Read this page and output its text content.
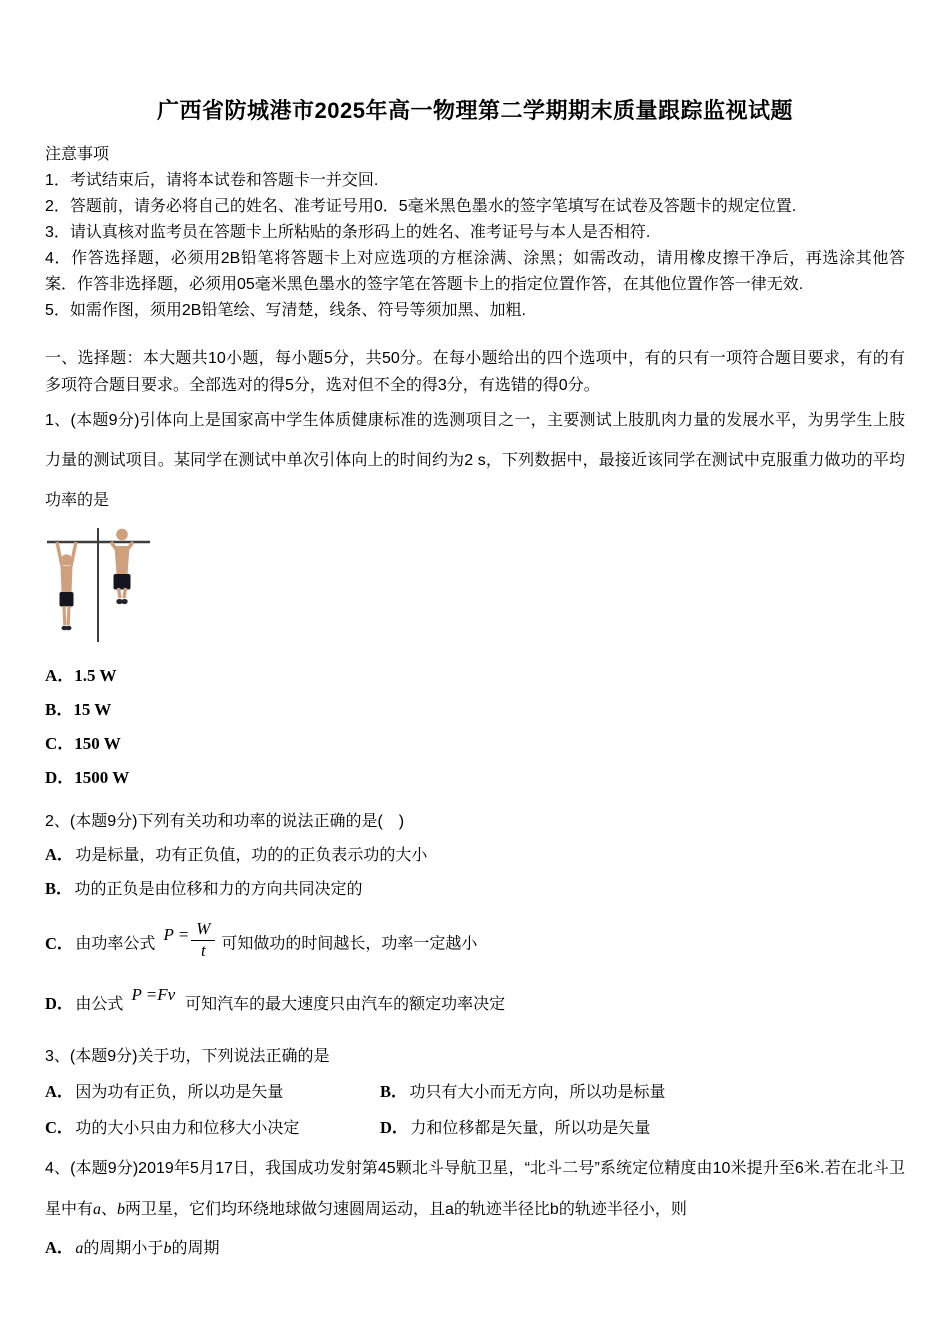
广西省防城港市2025年高一物理第二学期期末质量跟踪监视试题

注意事项

1．考试结束后，请将本试卷和答题卡一并交回.

2．答题前，请务必将自己的姓名、准考证号用0．5毫米黑色墨水的签字笔填写在试卷及答题卡的规定位置.

3．请认真核对监考员在答题卡上所粘贴的条形码上的姓名、准考证号与本人是否相符.

4．作答选择题，必须用2B铅笔将答题卡上对应选项的方框涂满、涂黑；如需改动，请用橡皮擦干净后，再选涂其他答案．作答非选择题，必须用05毫米黑色墨水的签字笔在答题卡上的指定位置作答，在其他位置作答一律无效.

5．如需作图，须用2B铅笔绘、写清楚，线条、符号等须加黑、加粗.

一、选择题：本大题共10小题，每小题5分，共50分。在每小题给出的四个选项中，有的只有一项符合题目要求，有的有多项符合题目要求。全部选对的得5分，选对但不全的得3分，有选错的得0分。

1、(本题9分)引体向上是国家高中学生体质健康标准的选测项目之一，主要测试上肢肌肉力量的发展水平，为男学生上肢力量的测试项目。某同学在测试中单次引体向上的时间约为2 s，下列数据中，最接近该同学在测试中克服重力做功的平均功率的是

A．1.5 W

B．15 W

C．150 W

D．1500 W

2、(本题9分)下列有关功和功率的说法正确的是(　)

A． 功是标量，功有正负值，功的的正负表示功的大小

B． 功的正负是由位移和力的方向共同决定的

C． 由功率公式$P = \frac{W}{t}$ 可知做功的时间越长，功率一定越小

D． 由公式P =Fv可知汽车的最大速度只由汽车的额定功率决定

3、(本题9分)关于功，下列说法正确的是

A． 因为功有正负，所以功是矢量	B． 功只有大小而无方向，所以功是标量
C． 功的大小只由力和位移大小决定	D． 力和位移都是矢量，所以功是矢量

4、(本题9分)2019年5月17日，我国成功发射第45颗北斗导航卫星，“北斗二号”系统定位精度由10米提升至6米.若在北斗卫星中有a、b两卫星，它们均环绕地球做匀速圆周运动，且a的轨迹半径比b的轨迹半径小，则

A． a的周期小于b的周期
